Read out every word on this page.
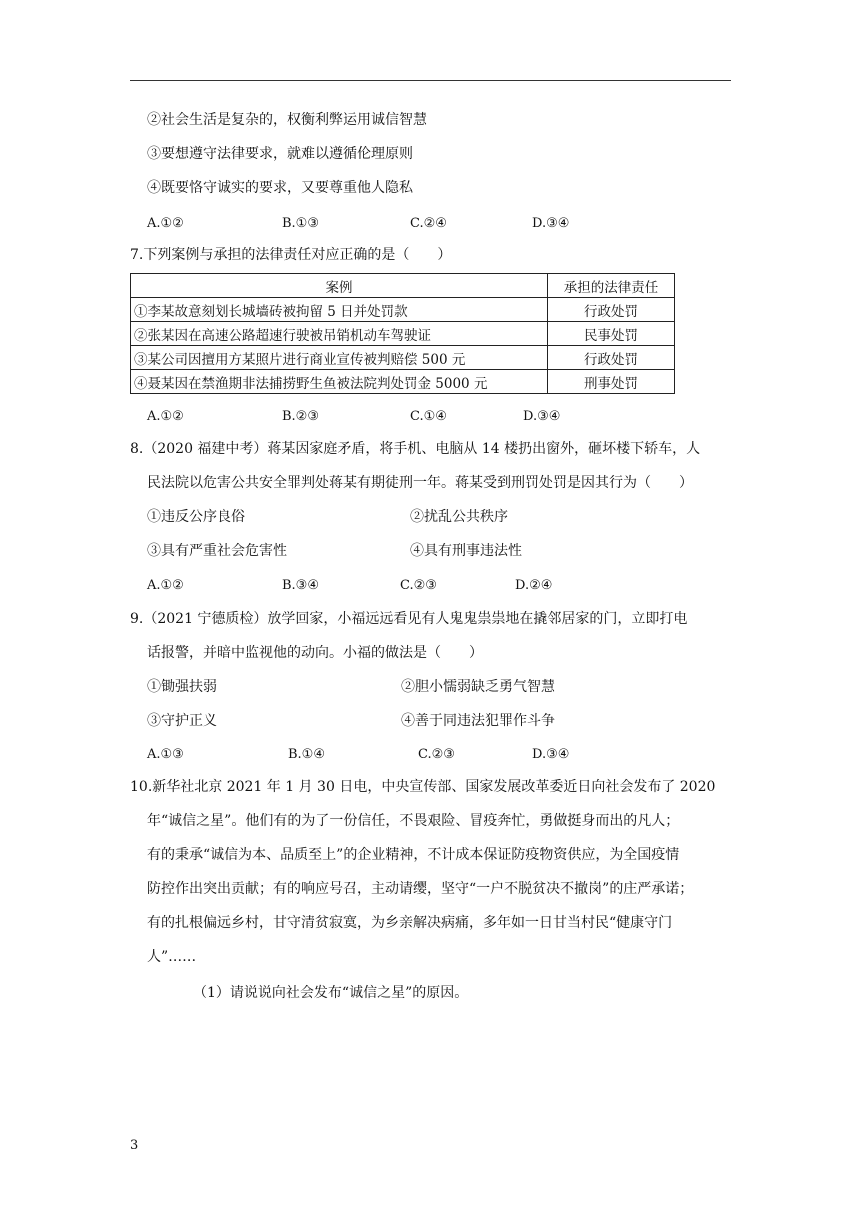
②社会生活是复杂的，权衡利弊运用诚信智慧
③要想遵守法律要求，就难以遵循伦理原则
④既要恪守诚实的要求，又要尊重他人隐私
A.①②	B.①③	C.②④	D.③④
7.下列案例与承担的法律责任对应正确的是（　　）
案例	承担的法律责任
①李某故意刻划长城墙砖被拘留 5 日并处罚款	行政处罚
②张某因在高速公路超速行驶被吊销机动车驾驶证	民事处罚
③某公司因擅用方某照片进行商业宣传被判赔偿 500 元	行政处罚
④聂某因在禁渔期非法捕捞野生鱼被法院判处罚金 5000 元	刑事处罚
A.①②	B.②③	C.①④	D.③④
8.（2020 福建中考）蒋某因家庭矛盾，将手机、电脑从 14 楼扔出窗外，砸坏楼下轿车，人
民法院以危害公共安全罪判处蒋某有期徒刑一年。蒋某受到刑罚处罚是因其行为（　　）
①违反公序良俗	②扰乱公共秩序
③具有严重社会危害性	④具有刑事违法性
A.①②	B.③④	C.②③	D.②④
9.（2021 宁德质检）放学回家，小福远远看见有人鬼鬼祟祟地在撬邻居家的门，立即打电
话报警，并暗中监视他的动向。小福的做法是（　　）
①锄强扶弱	②胆小懦弱缺乏勇气智慧
③守护正义	④善于同违法犯罪作斗争
A.①③	B.①④	C.②③	D.③④
10.新华社北京 2021 年 1 月 30 日电，中央宣传部、国家发展改革委近日向社会发布了 2020
年“诚信之星”。他们有的为了一份信任，不畏艰险、冒疫奔忙，勇做挺身而出的凡人；
有的秉承“诚信为本、品质至上”的企业精神，不计成本保证防疫物资供应，为全国疫情
防控作出突出贡献；有的响应号召，主动请缨，坚守“一户不脱贫决不撤岗”的庄严承诺；
有的扎根偏远乡村，甘守清贫寂寞，为乡亲解决病痛，多年如一日甘当村民“健康守门
人”……
（1）请说说向社会发布“诚信之星”的原因。
3
